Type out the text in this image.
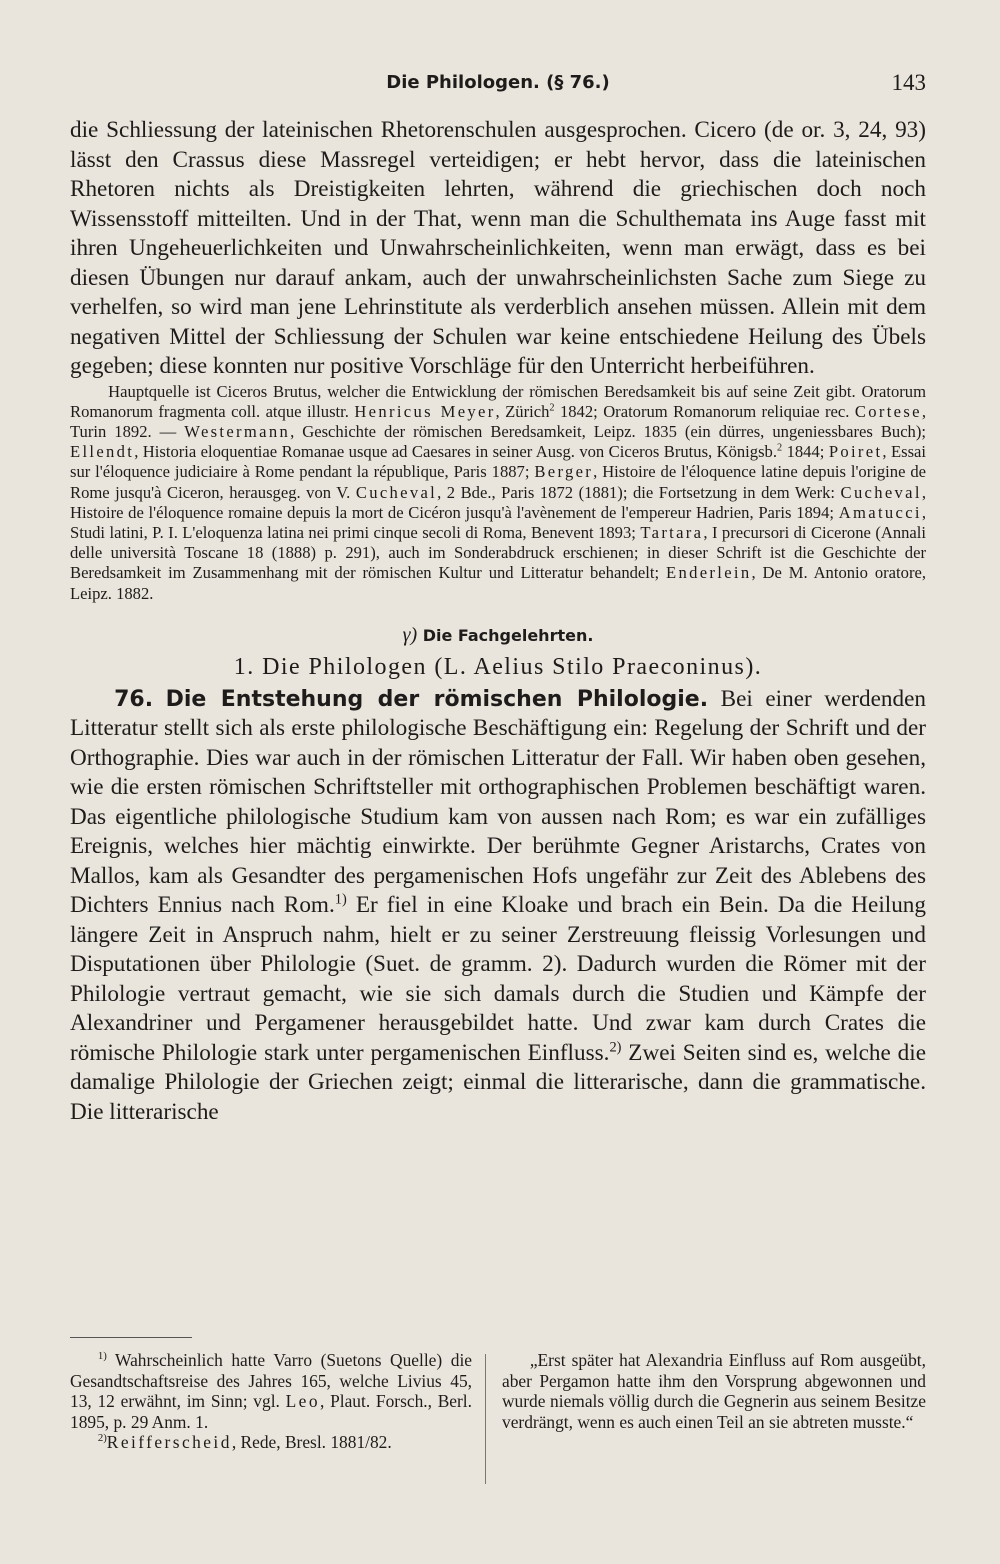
Die Philologen. (§ 76.)	143

die Schliessung der lateinischen Rhetorenschulen ausgesprochen. Cicero (de or. 3, 24, 93) lässt den Crassus diese Massregel verteidigen; er hebt hervor, dass die lateinischen Rhetoren nichts als Dreistigkeiten lehrten, während die griechischen doch noch Wissensstoff mitteilten. Und in der That, wenn man die Schulthemata ins Auge fasst mit ihren Ungeheuerlichkeiten und Unwahrscheinlichkeiten, wenn man erwägt, dass es bei diesen Übungen nur darauf ankam, auch der unwahrscheinlichsten Sache zum Siege zu verhelfen, so wird man jene Lehrinstitute als verderblich ansehen müssen. Allein mit dem negativen Mittel der Schliessung der Schulen war keine entschiedene Heilung des Übels gegeben; diese konnten nur positive Vorschläge für den Unterricht herbeiführen.

Hauptquelle ist Ciceros Brutus, welcher die Entwicklung der römischen Beredsamkeit bis auf seine Zeit gibt. Oratorum Romanorum fragmenta coll. atque illustr. Henricus Meyer, Zürich$^2$ 1842; Oratorum Romanorum reliquiae rec. Cortese, Turin 1892. — Westermann, Geschichte der römischen Beredsamkeit, Leipz. 1835 (ein dürres, ungeniessbares Buch); Ellendt, Historia eloquentiae Romanae usque ad Caesares in seiner Ausg. von Ciceros Brutus, Königsb.$^2$ 1844; Poiret, Essai sur l'éloquence judiciaire à Rome pendant la république, Paris 1887; Berger, Histoire de l'éloquence latine depuis l'origine de Rome jusqu'à Ciceron, herausgeg. von V. Cucheval, 2 Bde., Paris 1872 (1881); die Fortsetzung in dem Werk: Cucheval, Histoire de l'éloquence romaine depuis la mort de Cicéron jusqu'à l'avènement de l'empereur Hadrien, Paris 1894; Amatucci, Studi latini, P. I. L'eloquenza latina nei primi cinque secoli di Roma, Benevent 1893; Tartara, I precursori di Cicerone (Annali delle università Toscane 18 (1888) p. 291), auch im Sonderabdruck erschienen; in dieser Schrift ist die Geschichte der Beredsamkeit im Zusammenhang mit der römischen Kultur und Litteratur behandelt; Enderlein, De M. Antonio oratore, Leipz. 1882.

γ) Die Fachgelehrten.
1. Die Philologen (L. Aelius Stilo Praeconinus).

76. Die Entstehung der römischen Philologie. Bei einer werdenden Litteratur stellt sich als erste philologische Beschäftigung ein: Regelung der Schrift und der Orthographie. Dies war auch in der römischen Litteratur der Fall. Wir haben oben gesehen, wie die ersten römischen Schriftsteller mit orthographischen Problemen beschäftigt waren. Das eigentliche philologische Studium kam von aussen nach Rom; es war ein zufälliges Ereignis, welches hier mächtig einwirkte. Der berühmte Gegner Aristarchs, Crates von Mallos, kam als Gesandter des pergamenischen Hofs ungefähr zur Zeit des Ablebens des Dichters Ennius nach Rom.$^{1)}$ Er fiel in eine Kloake und brach ein Bein. Da die Heilung längere Zeit in Anspruch nahm, hielt er zu seiner Zerstreuung fleissig Vorlesungen und Disputationen über Philologie (Suet. de gramm. 2). Dadurch wurden die Römer mit der Philologie vertraut gemacht, wie sie sich damals durch die Studien und Kämpfe der Alexandriner und Pergamener herausgebildet hatte. Und zwar kam durch Crates die römische Philologie stark unter pergamenischen Einfluss.$^{2)}$ Zwei Seiten sind es, welche die damalige Philologie der Griechen zeigt; einmal die litterarische, dann die grammatische. Die litterarische

$^{1)}$ Wahrscheinlich hatte Varro (Suetons Quelle) die Gesandtschaftsreise des Jahres 165, welche Livius 45, 13, 12 erwähnt, im Sinn; vgl. Leo, Plaut. Forsch., Berl. 1895, p. 29 Anm. 1.

$^{2)}$Reifferscheid, Rede, Bresl. 1881/82.

„Erst später hat Alexandria Einfluss auf Rom ausgeübt, aber Pergamon hatte ihm den Vorsprung abgewonnen und wurde niemals völlig durch die Gegnerin aus seinem Besitze verdrängt, wenn es auch einen Teil an sie abtreten musste.“
